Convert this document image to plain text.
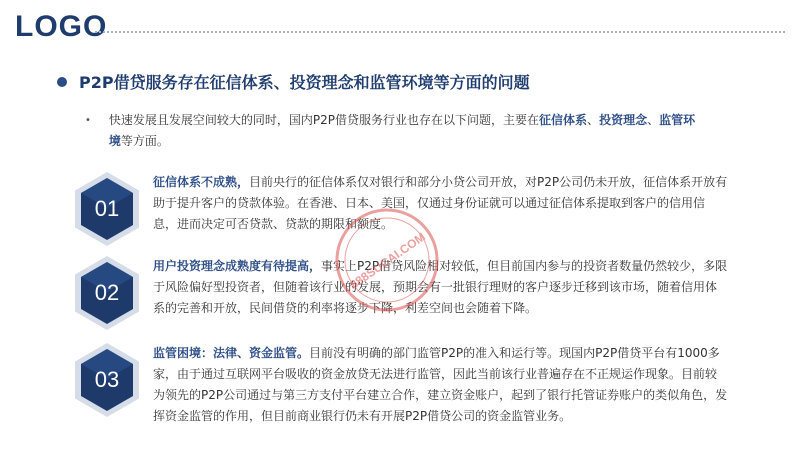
LOGO
P2P借贷服务存在征信体系、投资理念和监管环境等方面的问题
• 快速发展且发展空间较大的同时，国内P2P借贷服务行业也存在以下问题，主要在征信体系、投资理念、监管环境等方面。
01
征信体系不成熟，目前央行的征信体系仅对银行和部分小贷公司开放，对P2P公司仍未开放，征信体系开放有助于提升客户的贷款体验。在香港、日本、美国，仅通过身份证就可以通过征信体系提取到客户的信用信息，进而决定可否贷款、贷款的期限和额度。
02
用户投资理念成熟度有待提高，事实上P2P借贷风险相对较低，但目前国内参与的投资者数量仍然较少，多限于风险偏好型投资者，但随着该行业的发展，预期会有一批银行理财的客户逐步迁移到该市场，随着信用体系的完善和开放，民间借贷的利率将逐步下降，利差空间也会随着下降。
03
监管困境：法律、资金监管。目前没有明确的部门监管P2P的准入和运行等。现国内P2P借贷平台有1000多家，由于通过互联网平台吸收的资金放贷无法进行监管，因此当前该行业普遍存在不正规运作现象。目前较为领先的P2P公司通过与第三方支付平台建立合作，建立资金账户，起到了银行托管证券账户的类似角色，发挥资金监管的作用，但目前商业银行仍未有开展P2P借贷公司的资金监管业务。
888SUCAI.COM
